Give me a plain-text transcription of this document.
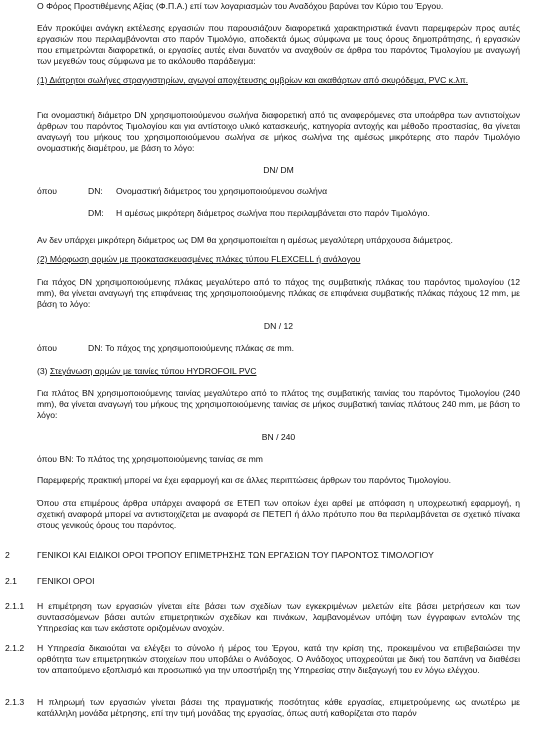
Ο Φόρος Προστιθέμενης Αξίας (Φ.Π.Α.) επί των λογαριασμών του Αναδόχου βαρύνει τον Κύριο του Έργου.

Εάν προκύψει ανάγκη εκτέλεσης εργασιών που παρουσιάζουν διαφορετικά χαρακτηριστικά έναντι παρεμφερών προς αυτές εργασιών που περιλαμβάνονται στο παρόν Τιμολόγιο, αποδεκτά όμως σύμφωνα με τους όρους δημοπράτησης, ή εργασιών που επιμετρώνται διαφορετικά, οι εργασίες αυτές είναι δυνατόν να αναχθούν σε άρθρα του παρόντος Τιμολογίου με αναγωγή των μεγεθών τους σύμφωνα με το ακόλουθο παράδειγμα:

(1) Διάτρητοι σωλήνες στραγγιστηρίων, αγωγοί αποχέτευσης ομβρίων και ακαθάρτων από σκυρόδεμα, PVC κ.λπ.

Για ονομαστική διάμετρο DN χρησιμοποιούμενου σωλήνα διαφορετική από τις αναφερόμενες στα υποάρθρα των αντιστοίχων άρθρων του παρόντος Τιμολογίου και για αντίστοιχο υλικό κατασκευής, κατηγορία αντοχής και μέθοδο προστασίας, θα γίνεται αναγωγή του μήκους του χρησιμοποιούμενου σωλήνα σε μήκος σωλήνα της αμέσως μικρότερης στο παρόν Τιμολόγιο ονομαστικής διαμέτρου, με βάση το λόγο:

DN/ DM

όπου	DN: Ονομαστική διάμετρος του χρησιμοποιούμενου σωλήνα
DM: Η αμέσως μικρότερη διάμετρος σωλήνα που περιλαμβάνεται στο παρόν Τιμολόγιο.

Αν δεν υπάρχει μικρότερη διάμετρος ως DM θα χρησιμοποιείται η αμέσως μεγαλύτερη υπάρχουσα διάμετρος.

(2) Μόρφωση αρμών με προκατασκευασμένες πλάκες τύπου FLEXCELL ή ανάλογου

Για πάχος DN χρησιμοποιούμενης πλάκας μεγαλύτερο από το πάχος της συμβατικής πλάκας του παρόντος τιμολογίου (12 mm), θα γίνεται αναγωγή της επιφάνειας της χρησιμοποιούμενης πλάκας σε επιφάνεια συμβατικής πλάκας πάχους 12 mm, με βάση το λόγο:

DN / 12

όπου	DN: Το πάχος της χρησιμοποιούμενης πλάκας σε mm.

(3) Στεγάνωση αρμών με ταινίες τύπου HYDROFOIL PVC

Για πλάτος BN χρησιμοποιούμενης ταινίας μεγαλύτερο από το πλάτος της συμβατικής ταινίας του παρόντος Τιμολογίου (240 mm), θα γίνεται αναγωγή του μήκους της χρησιμοποιούμενης ταινίας σε μήκος συμβατική ταινίας πλάτους 240 mm, με βάση το λόγο:

BN / 240

όπου BN: Το πλάτος της χρησιμοποιούμενης ταινίας σε mm

Παρεμφερής πρακτική μπορεί να έχει εφαρμογή και σε άλλες περιπτώσεις άρθρων του παρόντος Τιμολογίου.

Όπου στα επιμέρους άρθρα υπάρχει αναφορά σε ΕΤΕΠ των οποίων έχει αρθεί με απόφαση η υποχρεωτική εφαρμογή, η σχετική αναφορά μπορεί να αντιστοιχίζεται με αναφορά σε ΠΕΤΕΠ ή άλλο πρότυπο που θα περιλαμβάνεται σε σχετικό πίνακα στους γενικούς όρους του παρόντος.

2	ΓΕΝΙΚΟΙ ΚΑΙ ΕΙΔΙΚΟΙ ΟΡΟΙ ΤΡΟΠΟΥ ΕΠΙΜΕΤΡΗΣΗΣ ΤΩΝ ΕΡΓΑΣΙΩΝ ΤΟΥ ΠΑΡΟΝΤΟΣ ΤΙΜΟΛΟΓΙΟΥ

2.1 ΓΕΝΙΚΟΙ ΟΡΟΙ

2.1.1 Η επιμέτρηση των εργασιών γίνεται είτε βάσει των σχεδίων των εγκεκριμένων μελετών είτε βάσει μετρήσεων και των συντασσόμενων βάσει αυτών επιμετρητικών σχεδίων και πινάκων, λαμβανομένων υπόψη των έγγραφων εντολών της Υπηρεσίας και των εκάστοτε οριζομένων ανοχών.

2.1.2 Η Υπηρεσία δικαιούται να ελέγξει το σύνολο ή μέρος του Έργου, κατά την κρίση της, προκειμένου να επιβεβαιώσει την ορθότητα των επιμετρητικών στοιχείων που υποβάλει ο Ανάδοχος. Ο Ανάδοχος υποχρεούται με δική του δαπάνη να διαθέσει τον απαιτούμενο εξοπλισμό και προσωπικό για την υποστήριξη της Υπηρεσίας στην διεξαγωγή του εν λόγω ελέγχου.

2.1.3 Η πληρωμή των εργασιών γίνεται βάσει της πραγματικής ποσότητας κάθε εργασίας, επιμετρούμενης ως ανωτέρω με κατάλληλη μονάδα μέτρησης, επί την τιμή μονάδας της εργασίας, όπως αυτή καθορίζεται στο παρόν
